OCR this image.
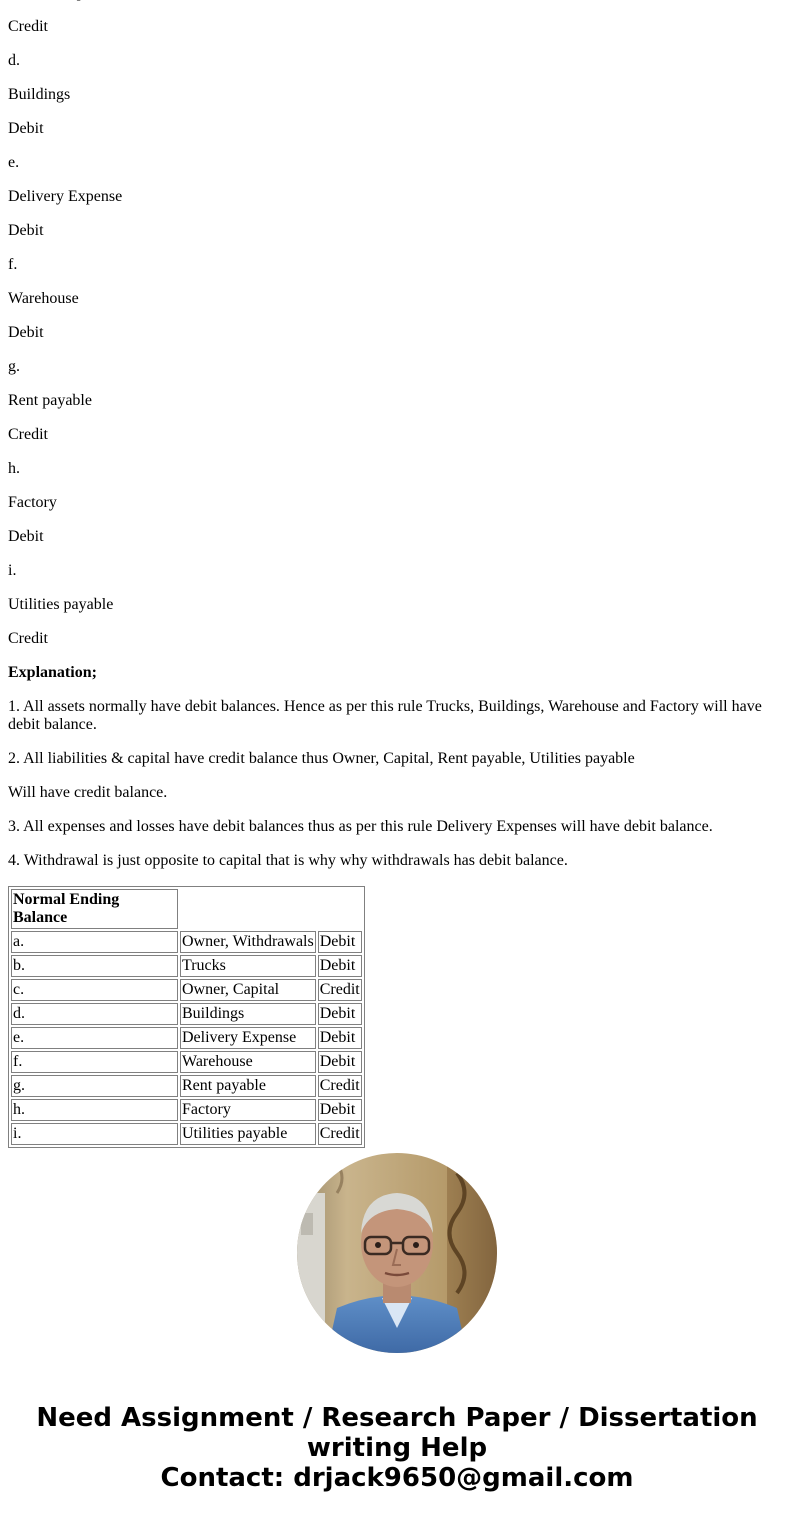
Credit
d.
Buildings
Debit
e.
Delivery Expense
Debit
f.
Warehouse
Debit
g.
Rent payable
Credit
h.
Factory
Debit
i.
Utilities payable
Credit
Explanation;
1. All assets normally have debit balances. Hence as per this rule Trucks, Buildings, Warehouse and Factory will have debit balance.
2. All liabilities & capital have credit balance thus Owner, Capital, Rent payable, Utilities payable
Will have credit balance.
3. All expenses and losses have debit balances thus as per this rule Delivery Expenses will have debit balance.
4. Withdrawal is just opposite to capital that is why why withdrawals has debit balance.
Normal Ending Balance		
a.	Owner, Withdrawals	Debit
b.	Trucks	Debit
c.	Owner, Capital	Credit
d.	Buildings	Debit
e.	Delivery Expense	Debit
f.	Warehouse	Debit
g.	Rent payable	Credit
h.	Factory	Debit
i.	Utilities payable	Credit
Need Assignment / Research Paper / Dissertation
writing Help
Contact: drjack9650@gmail.com
